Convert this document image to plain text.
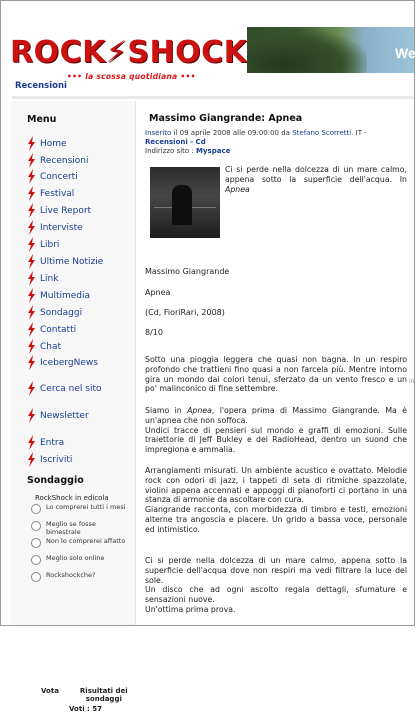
ROCK⚡SHOCK
••• la scossa quotidiana •••
We
Recensioni
Menu
Home
Recensioni
Concerti
Festival
Live Report
Interviste
Libri
Ultime Notizie
Link
Multimedia
Sondaggi
Contatti
Chat
IcebergNews
Cerca nel sito
Newsletter
Entra
Iscriviti
Sondaggio
RockShock in edicola
Lo comprerei tutti i mesi
Meglio se fosse bimestrale
Non lo comprerei affatto
Meglio solo online
Rockshockche?
Vota	Risultati dei sondaggi
Voti : 57
Massimo Giangrande: Apnea
Inserito il 09 aprile 2008 alle 09:00:00 da Stefano Scorretti. IT -
Recensioni - Cd
Indirizzo sito : Myspace
Ci si perde nella dolcezza di un mare calmo, appena sotto la superficie dell'acqua. In Apnea
Massimo Giangrande
Apnea
(Cd, FioriRari, 2008)
8/10
Sotto una pioggia leggera che quasi non bagna. In un respiro profondo che trattieni fino quasi a non farcela più. Mentre intorno gira un mondo dai colori tenui, sferzato da un vento fresco e un po' malinconico di fine settembre.
Siamo in Apnea, l'opera prima di Massimo Giangrande. Ma è un'apnea che non soffoca.
Undici tracce di pensieri sul mondo e graffi di emozioni. Sulle traiettorie di Jeff Bukley e dei RadioHead, dentro un suond che impregiona e ammalia.
Arrangiamenti misurati. Un ambiente acustico e ovattato. Melodie rock con odori di jazz, i tappeti di seta di ritmiche spazzolate, violini appena accennati e appoggi di pianoforti ci portano in una stanza di armonie da ascoltare con cura.
Giangrande racconta, con morbidezza di timbro e testi, emozioni alterne tra angoscia e piacere. Un grido a bassa voce, personale ed intimistico.
Ci si perde nella dolcezza di un mare calmo, appena sotto la superficie dell'acqua dove non respiri ma vedi filtrare la luce del sole.
Un disco che ad ogni ascolto regala dettagli, sfumature e sensazioni nuove.
Un'ottima prima prova.
in
